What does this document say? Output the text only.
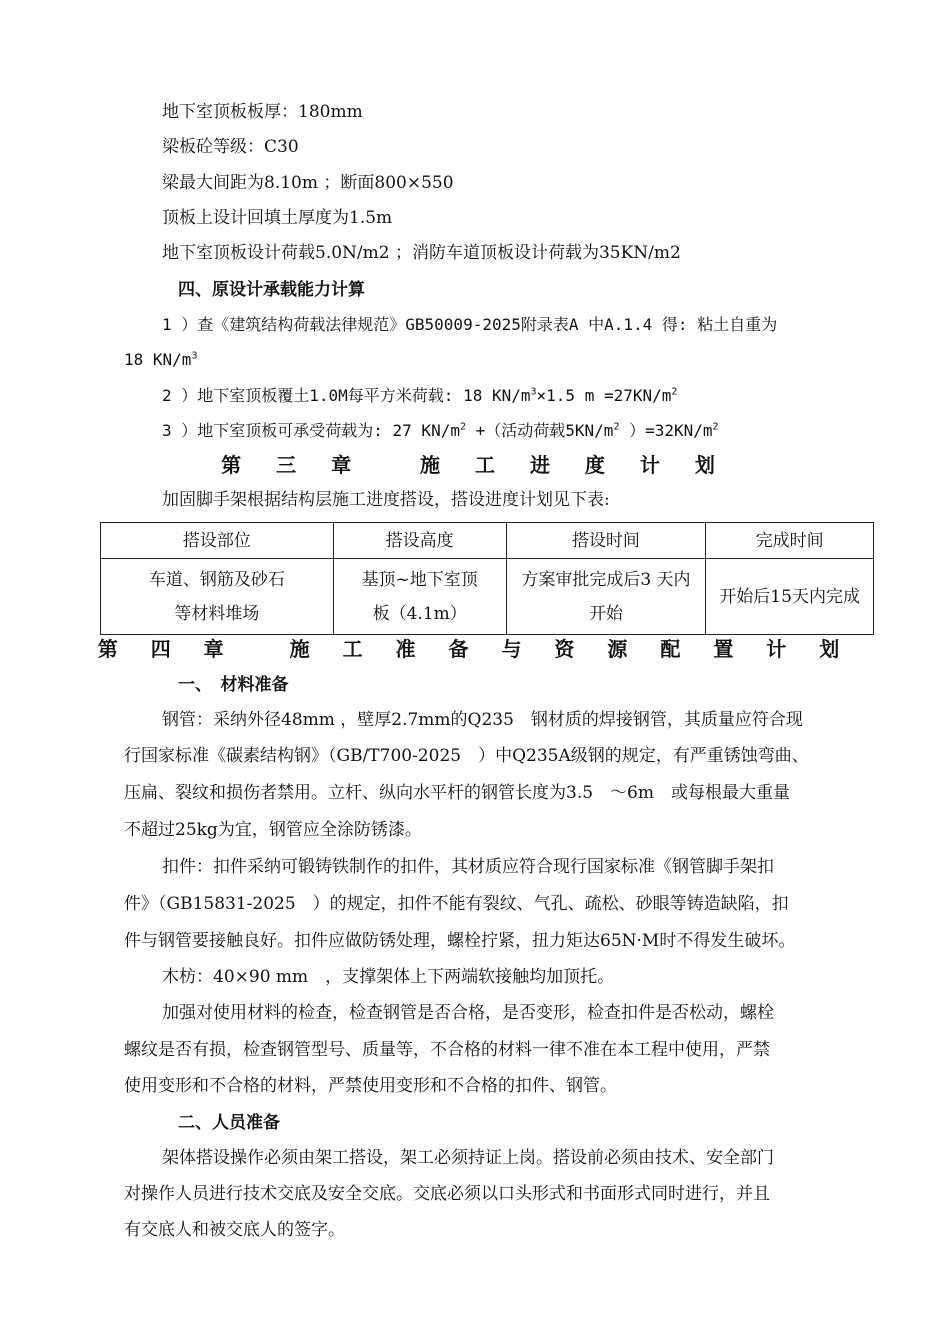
地下室顶板板厚：180mm
梁板砼等级：C30
梁最大间距为8.10m ；断面800×550
顶板上设计回填土厚度为1.5m
地下室顶板设计荷载5.0N/m2 ；消防车道顶板设计荷载为35KN/m2
四、原设计承载能力计算
1 ）查《建筑结构荷载法律规范》GB50009-2025附录表A 中A.1.4 得: 粘土自重为
18 $KN/m^3$
2 ）地下室顶板覆土1.0M每平方米荷载: 18 $KN/m^3\times 1.5$ $m =27KN/m^2$
3 ）地下室顶板可承受荷载为: 27 $KN/m^2$ +（活动荷载$5KN/m^2$ ）$=32KN/m^2$
第 三 章 　施 工 进 度 计 划
加固脚手架根据结构层施工进度搭设，搭设进度计划见下表:
搭设部位	搭设高度	搭设时间	完成时间
车道、钢筋及砂石等材料堆场	基顶~地下室顶板（4.1m）	方案审批完成后3 天内开始	开始后15天内完成
第 四 章 　施 工 准 备 与 资 源 配 置 计 划
一、　材料准备
钢管：采纳外径48mm ，壁厚2.7mm的Q235　钢材质的焊接钢管，其质量应符合现
行国家标准《碳素结构钢》（GB/T700-2025　）中Q235A级钢的规定，有严重锈蚀弯曲、
压扁、裂纹和损伤者禁用。立杆、纵向水平杆的钢管长度为3.5　～6m　或每根最大重量
不超过25kg为宜，钢管应全涂防锈漆。
扣件：扣件采纳可锻铸铁制作的扣件，其材质应符合现行国家标准《钢管脚手架扣
件》（GB15831-2025　）的规定，扣件不能有裂纹、气孔、疏松、砂眼等铸造缺陷，扣
件与钢管要接触良好。扣件应做防锈处理，螺栓拧紧，扭力矩达65N·M时不得发生破坏。
木枋：40×90 mm　，支撑架体上下两端软接触均加顶托。
加强对使用材料的检查，检查钢管是否合格，是否变形，检查扣件是否松动，螺栓
螺纹是否有损，检查钢管型号、质量等，不合格的材料一律不准在本工程中使用，严禁
使用变形和不合格的材料，严禁使用变形和不合格的扣件、钢管。
二、人员准备
架体搭设操作必须由架工搭设，架工必须持证上岗。搭设前必须由技术、安全部门
对操作人员进行技术交底及安全交底。交底必须以口头形式和书面形式同时进行，并且
有交底人和被交底人的签字。
